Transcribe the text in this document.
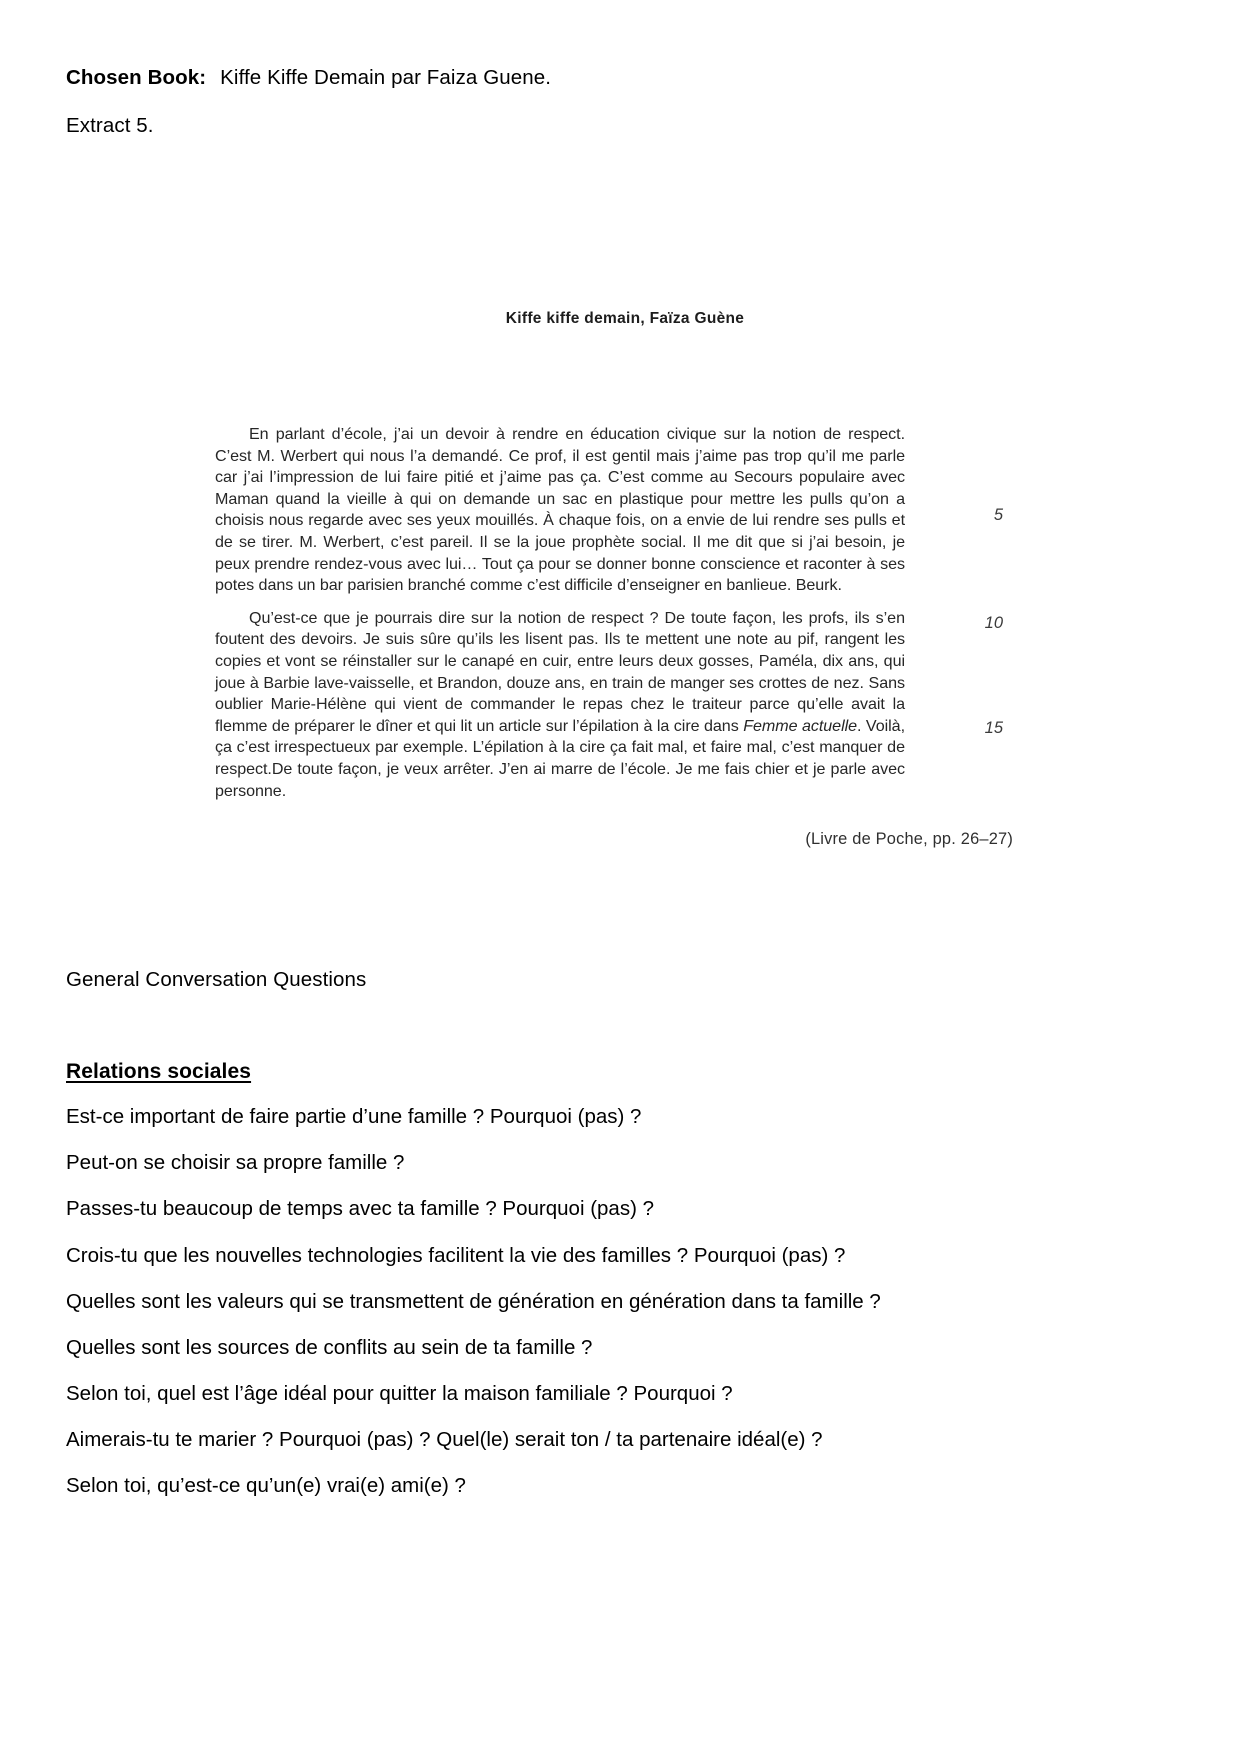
Chosen Book: Kiffe Kiffe Demain par Faiza Guene.
Extract 5.
Kiffe kiffe demain, Faïza Guène

En parlant d’école, j’ai un devoir à rendre en éducation civique sur la notion de respect. C’est M. Werbert qui nous l’a demandé. Ce prof, il est gentil mais j’aime pas trop qu’il me parle car j’ai l’impression de lui faire pitié et j’aime pas ça. C’est comme au Secours populaire avec Maman quand la vieille à qui on demande un sac en plastique pour mettre les pulls qu’on a choisis nous regarde avec ses yeux mouillés. À chaque fois, on a envie de lui rendre ses pulls et de se tirer. M. Werbert, c’est pareil. Il se la joue prophète social. Il me dit que si j’ai besoin, je peux prendre rendez-vous avec lui… Tout ça pour se donner bonne conscience et raconter à ses potes dans un bar parisien branché comme c’est difficile d’enseigner en banlieue. Beurk.

Qu’est-ce que je pourrais dire sur la notion de respect ? De toute façon, les profs, ils s’en foutent des devoirs. Je suis sûre qu’ils les lisent pas. Ils te mettent une note au pif, rangent les copies et vont se réinstaller sur le canapé en cuir, entre leurs deux gosses, Paméla, dix ans, qui joue à Barbie lave-vaisselle, et Brandon, douze ans, en train de manger ses crottes de nez. Sans oublier Marie-Hélène qui vient de commander le repas chez le traiteur parce qu’elle avait la flemme de préparer le dîner et qui lit un article sur l’épilation à la cire dans Femme actuelle. Voilà, ça c’est irrespectueux par exemple. L’épilation à la cire ça fait mal, et faire mal, c’est manquer de respect.De toute façon, je veux arrêter. J’en ai marre de l’école. Je me fais chier et je parle avec personne.

5
10
15
(Livre de Poche, pp. 26–27)
General Conversation Questions
Relations sociales
Est-ce important de faire partie d’une famille ? Pourquoi (pas) ?
Peut-on se choisir sa propre famille ?
Passes-tu beaucoup de temps avec ta famille ? Pourquoi (pas) ?
Crois-tu que les nouvelles technologies facilitent la vie des familles ? Pourquoi (pas) ?
Quelles sont les valeurs qui se transmettent de génération en génération dans ta famille ?
Quelles sont les sources de conflits au sein de ta famille ?
Selon toi, quel est l’âge idéal pour quitter la maison familiale ? Pourquoi ?
Aimerais-tu te marier ? Pourquoi (pas) ? Quel(le) serait ton / ta partenaire idéal(e) ?
Selon toi, qu’est-ce qu’un(e) vrai(e) ami(e) ?
